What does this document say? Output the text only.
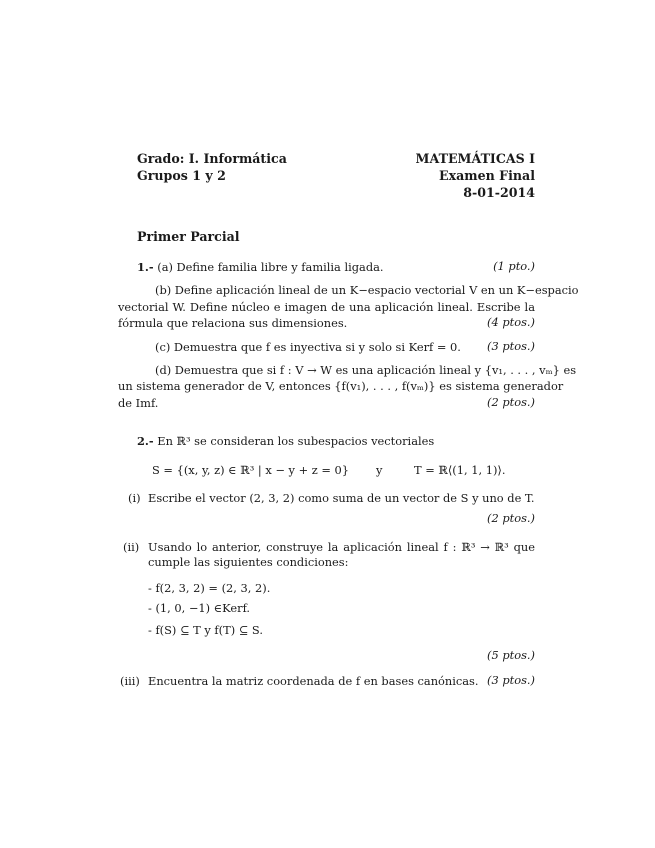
Grado: I. Informática
Grupos 1 y 2
MATEMÁTICAS I
Examen Final
8-01-2014
Primer Parcial
1.- (a) Define familia libre y familia ligada.	(1 pto.)
(b) Define aplicación lineal de un K−espacio vectorial V en un K−espacio
vectorial W. Define núcleo e imagen de una aplicación lineal. Escribe la
fórmula que relaciona sus dimensiones.	(4 ptos.)
(c) Demuestra que f es inyectiva si y solo si Kerf = 0. (3 ptos.)
(d) Demuestra que si f : V → W es una aplicación lineal y {v₁, . . . , vₘ} es
un sistema generador de V, entonces {f(v₁), . . . , f(vₘ)} es sistema generador
de Imf.	(2 ptos.)
2.- En ℝ³ se consideran los subespacios vectoriales
S = {(x, y, z) ∈ ℝ³ | x − y + z = 0} y	T = ℝ⟨(1, 1, 1)⟩.
(i) Escribe el vector (2, 3, 2) como suma de un vector de S y uno de T.
(2 ptos.)
(ii) Usando lo anterior, construye la aplicación lineal f : ℝ³ → ℝ³ que
cumple las siguientes condiciones:
- f(2, 3, 2) = (2, 3, 2).
- (1, 0, −1) ∈Kerf.
- f(S) ⊆ T y f(T) ⊆ S.
(5 ptos.)
(iii) Encuentra la matriz coordenada de f en bases canónicas. (3 ptos.)
